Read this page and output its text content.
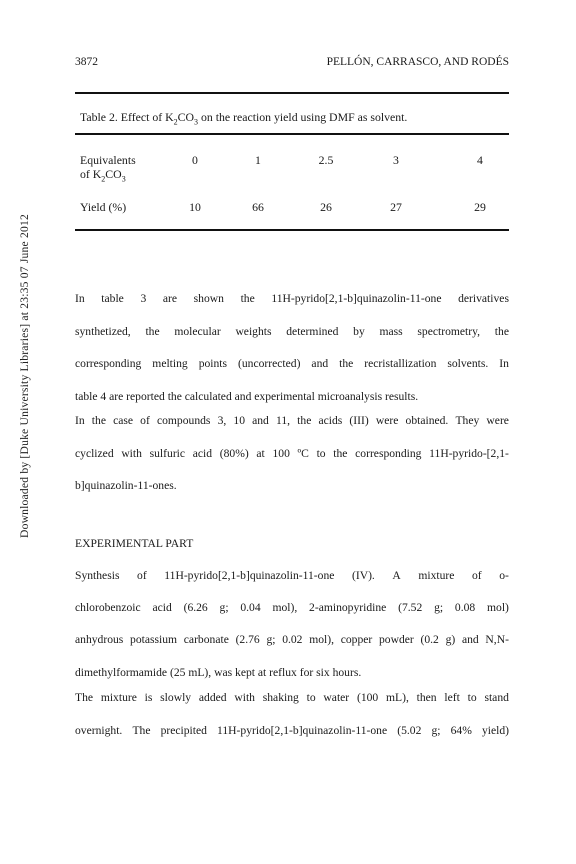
Downloaded by [Duke University Libraries] at 23:35 07 June 2012
3872	PELLÓN, CARRASCO, AND RODÉS
Table 2. Effect of $K_2CO_3$ on the reaction yield using DMF as solvent.
Equivalents
of $K_2CO_3$
0	1	2.5	3	4
Yield (%)	10	66	26	27	29
In table 3 are shown the 11H-pyrido[2,1-b]quinazolin-11-one derivatives
synthetized, the molecular weights determined by mass spectrometry, the
corresponding melting points (uncorrected) and the recristallization solvents. In
table 4 are reported the calculated and experimental microanalysis results.
In the case of compounds 3, 10 and 11, the acids (III) were obtained. They were
cyclized with sulfuric acid (80%) at 100 ºC to the corresponding 11H-pyrido-[2,1-
b]quinazolin-11-ones.
EXPERIMENTAL PART
Synthesis of 11H-pyrido[2,1-b]quinazolin-11-one (IV). A mixture of o-
chlorobenzoic acid (6.26 g; 0.04 mol), 2-aminopyridine (7.52 g; 0.08 mol)
anhydrous potassium carbonate (2.76 g; 0.02 mol), copper powder (0.2 g) and N,N-
dimethylformamide (25 mL), was kept at reflux for six hours.
The mixture is slowly added with shaking to water (100 mL), then left to stand
overnight. The precipited 11H-pyrido[2,1-b]quinazolin-11-one (5.02 g; 64% yield)
